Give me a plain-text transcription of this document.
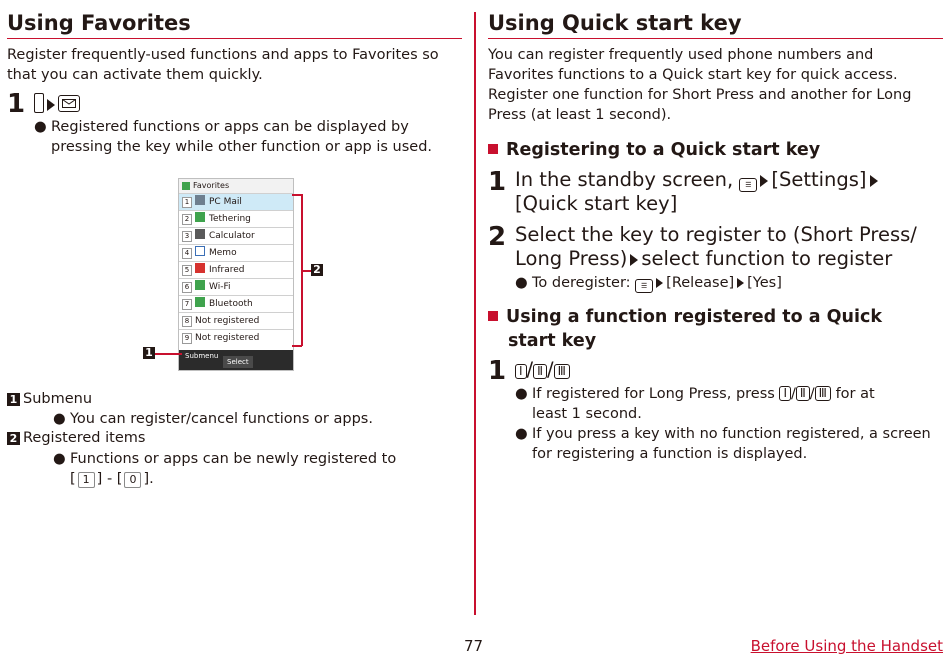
Using Favorites
Register frequently-used functions and apps to Favorites so that you can activate them quickly.
1
● Registered functions or apps can be displayed by pressing the key while other function or app is used.
Favorites
1	PC Mail
2	Tethering
3	Calculator
4	Memo
5	Infrared
6	Wi-Fi
7	Bluetooth
8 Not registered
9 Not registered
Submenu
Select
2
1
1 Submenu
● You can register/cancel functions or apps.
2 Registered items
● Functions or apps can be newly registered to
[ 1 ] - [ 0 ].
Using Quick start key
You can register frequently used phone numbers and Favorites functions to a Quick start key for quick access. Register one function for Short Press and another for Long Press (at least 1 second).
Registering to a Quick start key
1 In the standby screen, ☰ [Settings]
[Quick start key]
2 Select the key to register to (Short Press/
Long Press) select function to register
● To deregister: ☰ [Release] [Yes]
Using a function registered to a Quick
start key
1	Ⅰ / Ⅱ / Ⅲ
● If registered for Long Press, press Ⅰ / Ⅱ / Ⅲ for at
least 1 second.
● If you press a key with no function registered, a screen for registering a function is displayed.
77	Before Using the Handset
